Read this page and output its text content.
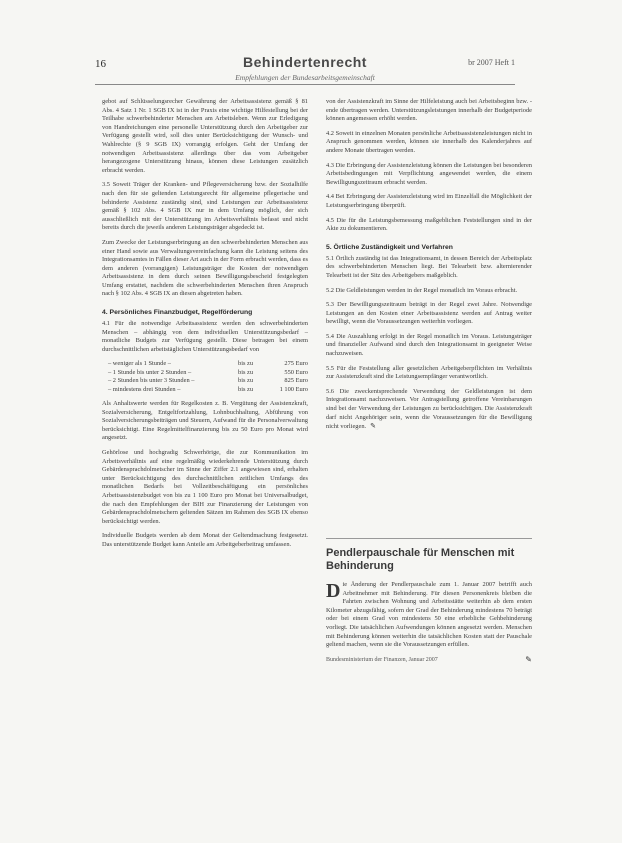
16	Behindertenrecht	br 2007 Heft 1
Empfehlungen der Bundesarbeitsgemeinschaft

gebot auf Schlüsselungsrecher Gewährung der Arbeitsassistenz gemäß § 81 Abs. 4 Satz 1 Nr. 1 SGB IX ist in der Praxis eine wichtige Hilfestellung bei der Teilhabe schwerbehinderter Menschen am Arbeitsleben. Wenn zur Erledigung von Handreichungen eine personelle Unterstützung durch den Arbeitgeber zur Verfügung gestellt wird, soll dies unter Berücksichtigung der Wunsch- und Wahlrechte (§ 9 SGB IX) vorrangig erfolgen. Geht der Umfang der notwendigen Arbeitsassistenz allerdings über das vom Arbeitgeber herangezogene Unterstützung hinaus, können diese Leistungen zusätzlich erbracht werden.

3.5 Soweit Träger der Kranken- und Pflegeversicherung bzw. der Sozialhilfe nach den für sie geltenden Leistungsrecht für allgemeine pflegerische und behinderte Assistenz zuständig sind, sind Leistungen zur Arbeitsassistenz gemäß § 102 Abs. 4 SGB IX nur in dem Umfang möglich, der sich ausschließlich mit der Unterstützung im Arbeitsverhältnis befasst und nicht bereits durch die jeweils anderen Leistungsträger abgedeckt ist.

Zum Zwecke der Leistungserbringung an den schwerbehinderten Menschen aus einer Hand sowie aus Verwaltungsvereinfachung kann die Leistung seitens des Integrationsamtes in Fällen dieser Art auch in der Form erbracht werden, dass es dem anderen (vorrangigen) Leistungsträger die Kosten der notwendigen Arbeitsassistenz in dem durch seinen Bewilligungsbescheid festgelegten Umfang erstattet, nachdem die schwerbehinderten Menschen ihren Anspruch nach § 102 Abs. 4 SGB IX an diesen abgetreten haben.

4. Persönliches Finanzbudget, Regelförderung

4.1 Für die notwendige Arbeitsassistenz werden den schwerbehinderten Menschen – abhängig von dem individuellen Unterstützungsbedarf – monatliche Budgets zur Verfügung gestellt. Diese betragen bei einem durchschnittlichen arbeitstäglichen Unterstützungsbedarf von

– weniger als 1 Stunde –	bis zu	275 Euro
– 1 Stunde bis unter 2 Stunden –	bis zu	550 Euro
– 2 Stunden bis unter 3 Stunden –	bis zu	825 Euro
– mindestens drei Stunden –	bis zu	1 100 Euro

Als Anhaltswerte werden für Regelkosten z. B. Vergütung der Assistenzkraft, Sozialversicherung, Entgeltfortzahlung, Lohnbuchhaltung, Abführung von Sozialversicherungsbeiträgen und Steuern, Aufwand für die Personalverwaltung berücksichtigt. Eine Regelmittelfinanzierung bis zu 50 Euro pro Monat wird angesetzt.

Gehörlose und hochgradig Schwerhörige, die zur Kommunikation im Arbeitsverhältnis auf eine regelmäßig wiederkehrende Unterstützung durch Gebärdensprachdolmetscher im Sinne der Ziffer 2.1 angewiesen sind, erhalten unter Berücksichtigung des durchschnittlichen zeitlichen Umfangs des monatlichen Bedarfs bei Vollzeitbeschäftigung ein persönliches Arbeitsassistenzbudget von bis zu 1 100 Euro pro Monat bei Universalbudget, die nach den Empfehlungen der BIH zur Finanzierung der Leistungen von Gebärdensprachdolmetschern geltenden Sätzen im Rahmen des SGB IX ebenso berücksichtigt werden.

Individuelle Budgets werden ab dem Monat der Geltendmachung festgesetzt. Das unterstützende Budget kann Anteile am Arbeitgeberbeitrag umfassen.

von der Assistenzkraft im Sinne der Hilfeleistung auch bei Arbeitsbeginn bzw. -ende übertragen werden. Unterstützungsleistungen innerhalb der Budgetperiode können angemessen erhöht werden.

4.2 Soweit in einzelnen Monaten persönliche Arbeitsassistenzleistungen nicht in Anspruch genommen werden, können sie innerhalb des Kalenderjahres auf andere Monate übertragen werden.

4.3 Die Erbringung der Assistenzleistung können die Leistungen bei besonderen Arbeitsbedingungen mit Verpflichtung angewendet werden, die einem Bewilligungszeitraum erbracht werden.

4.4 Bei Erbringung der Assistenzleistung wird im Einzelfall die Möglichkeit der Leistungserbringung überprüft.

4.5 Die für die Leistungsbemessung maßgeblichen Feststellungen sind in der Akte zu dokumentieren.

5. Örtliche Zuständigkeit und Verfahren

5.1 Örtlich zuständig ist das Integrationsamt, in dessen Bereich der Arbeitsplatz des schwerbehinderten Menschen liegt. Bei Telearbeit bzw. alternierender Telearbeit ist der Sitz des Arbeitgebers maßgeblich.

5.2 Die Geldleistungen werden in der Regel monatlich im Voraus erbracht.

5.3 Der Bewilligungszeitraum beträgt in der Regel zwei Jahre. Notwendige Leistungen an den Kosten einer Arbeitsassistenz werden auf Antrag weiter bewilligt, wenn die Voraussetzungen weiterhin vorliegen.

5.4 Die Auszahlung erfolgt in der Regel monatlich im Voraus. Leistungsträger und finanzieller Aufwand sind durch den Integrationsamt in geeigneter Weise nachzuweisen.

5.5 Für die Feststellung aller gesetzlichen Arbeitgeberpflichten im Verhältnis zur Assistenzkraft sind die Leistungsempfänger verantwortlich.

5.6 Die zweckentsprechende Verwendung der Geldleistungen ist dem Integrationsamt nachzuweisen. Vor Antragstellung getroffene Vereinbarungen sind bei der Verwendung der Leistungen zu berücksichtigen. Die Assistenzkraft darf nicht Angehöriger sein, wenn die Voraussetzungen für die Bewilligung nicht vorliegen. ✎

Pendlerpauschale für Menschen mit Behinderung

Die Änderung der Pendlerpauschale zum 1. Januar 2007 betrifft auch Arbeitnehmer mit Behinderung. Für diesen Personenkreis bleiben die Fahrten zwischen Wohnung und Arbeitsstätte weiterhin ab dem ersten Kilometer abzugsfähig, sofern der Grad der Behinderung mindestens 70 beträgt oder bei einem Grad von mindestens 50 eine erhebliche Gehbehinderung vorliegt. Die tatsächlichen Aufwendungen können angesetzt werden. Menschen mit Behinderung können weiterhin die tatsächlichen Kosten statt der Pauschale geltend machen, wenn sie die Voraussetzungen erfüllen.

Bundesministerium der Finanzen, Januar 2007	✎
